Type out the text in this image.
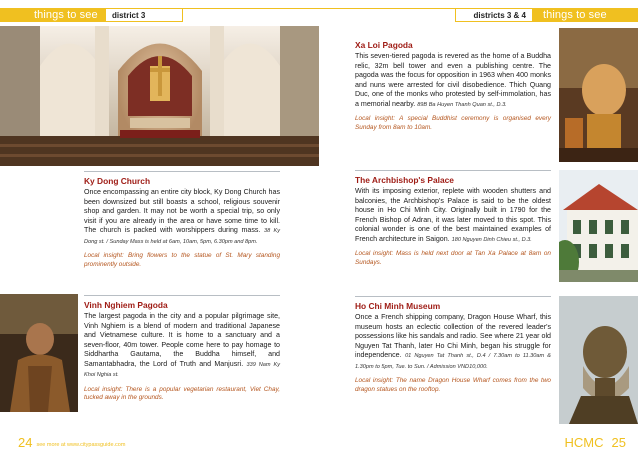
things to see district 3
Ky Dong Church
Once encompassing an entire city block, Ky Dong Church has been downsized but still boasts a school, religious souvenir shop and garden. It may not be worth a special trip, so only visit if you are already in the area or have some time to kill. The church is packed with worshippers during mass. 38 Ky Dong st. / Sunday Mass is held at 6am, 10am, 5pm, 6.30pm and 8pm.
Local insight: Bring flowers to the statue of St. Mary standing prominently outside.
Vinh Nghiem Pagoda
The largest pagoda in the city and a popular pilgrimage site, Vinh Nghiem is a blend of modern and traditional Japanese and Vietnamese culture. It is home to a sanctuary and a seven-floor, 40m tower. People come here to pay homage to Siddhartha Gautama, the Buddha himself, and Samantabhadra, the Lord of Truth and Manjusri. 339 Nam Ky Khoi Nghia st.
Local insight: There is a popular vegetarian restaurant, Viet Chay, tucked away in the grounds.
24 see more at www.citypassguide.com
districts 3 & 4 things to see
Xa Loi Pagoda
This seven-tiered pagoda is revered as the home of a Buddha relic, 32m bell tower and even a publishing centre. The pagoda was the focus for opposition in 1963 when 400 monks and nuns were arrested for civil disobedience. Thich Quang Duc, one of the monks who protested by self-immolation, has a memorial nearby. 89B Ba Huyen Thanh Quan st., D.3.
Local insight: A special Buddhist ceremony is organised every Sunday from 8am to 10am.
The Archbishop's Palace
With its imposing exterior, replete with wooden shutters and balconies, the Archbishop's Palace is said to be the oldest house in Ho Chi Minh City. Originally built in 1790 for the French Bishop of Adran, it was later moved to this spot. This colonial wonder is one of the best maintained examples of French architecture in Saigon. 180 Nguyen Dinh Chieu st., D.3.
Local insight: Mass is held next door at Tan Xa Palace at 8am on Sundays.
Ho Chi Minh Museum
Once a French shipping company, Dragon House Wharf, this museum hosts an eclectic collection of the revered leader's possessions like his sandals and radio. See where 21 year old Nguyen Tat Thanh, later Ho Chi Minh, began his struggle for independence. 01 Nguyen Tat Thanh st., D.4 / 7.30am to 11.30am & 1.30pm to 5pm, Tue. to Sun. / Admission VND10,000.
Local insight: The name Dragon House Wharf comes from the two dragon statues on the rooftop.
HCMC 25
